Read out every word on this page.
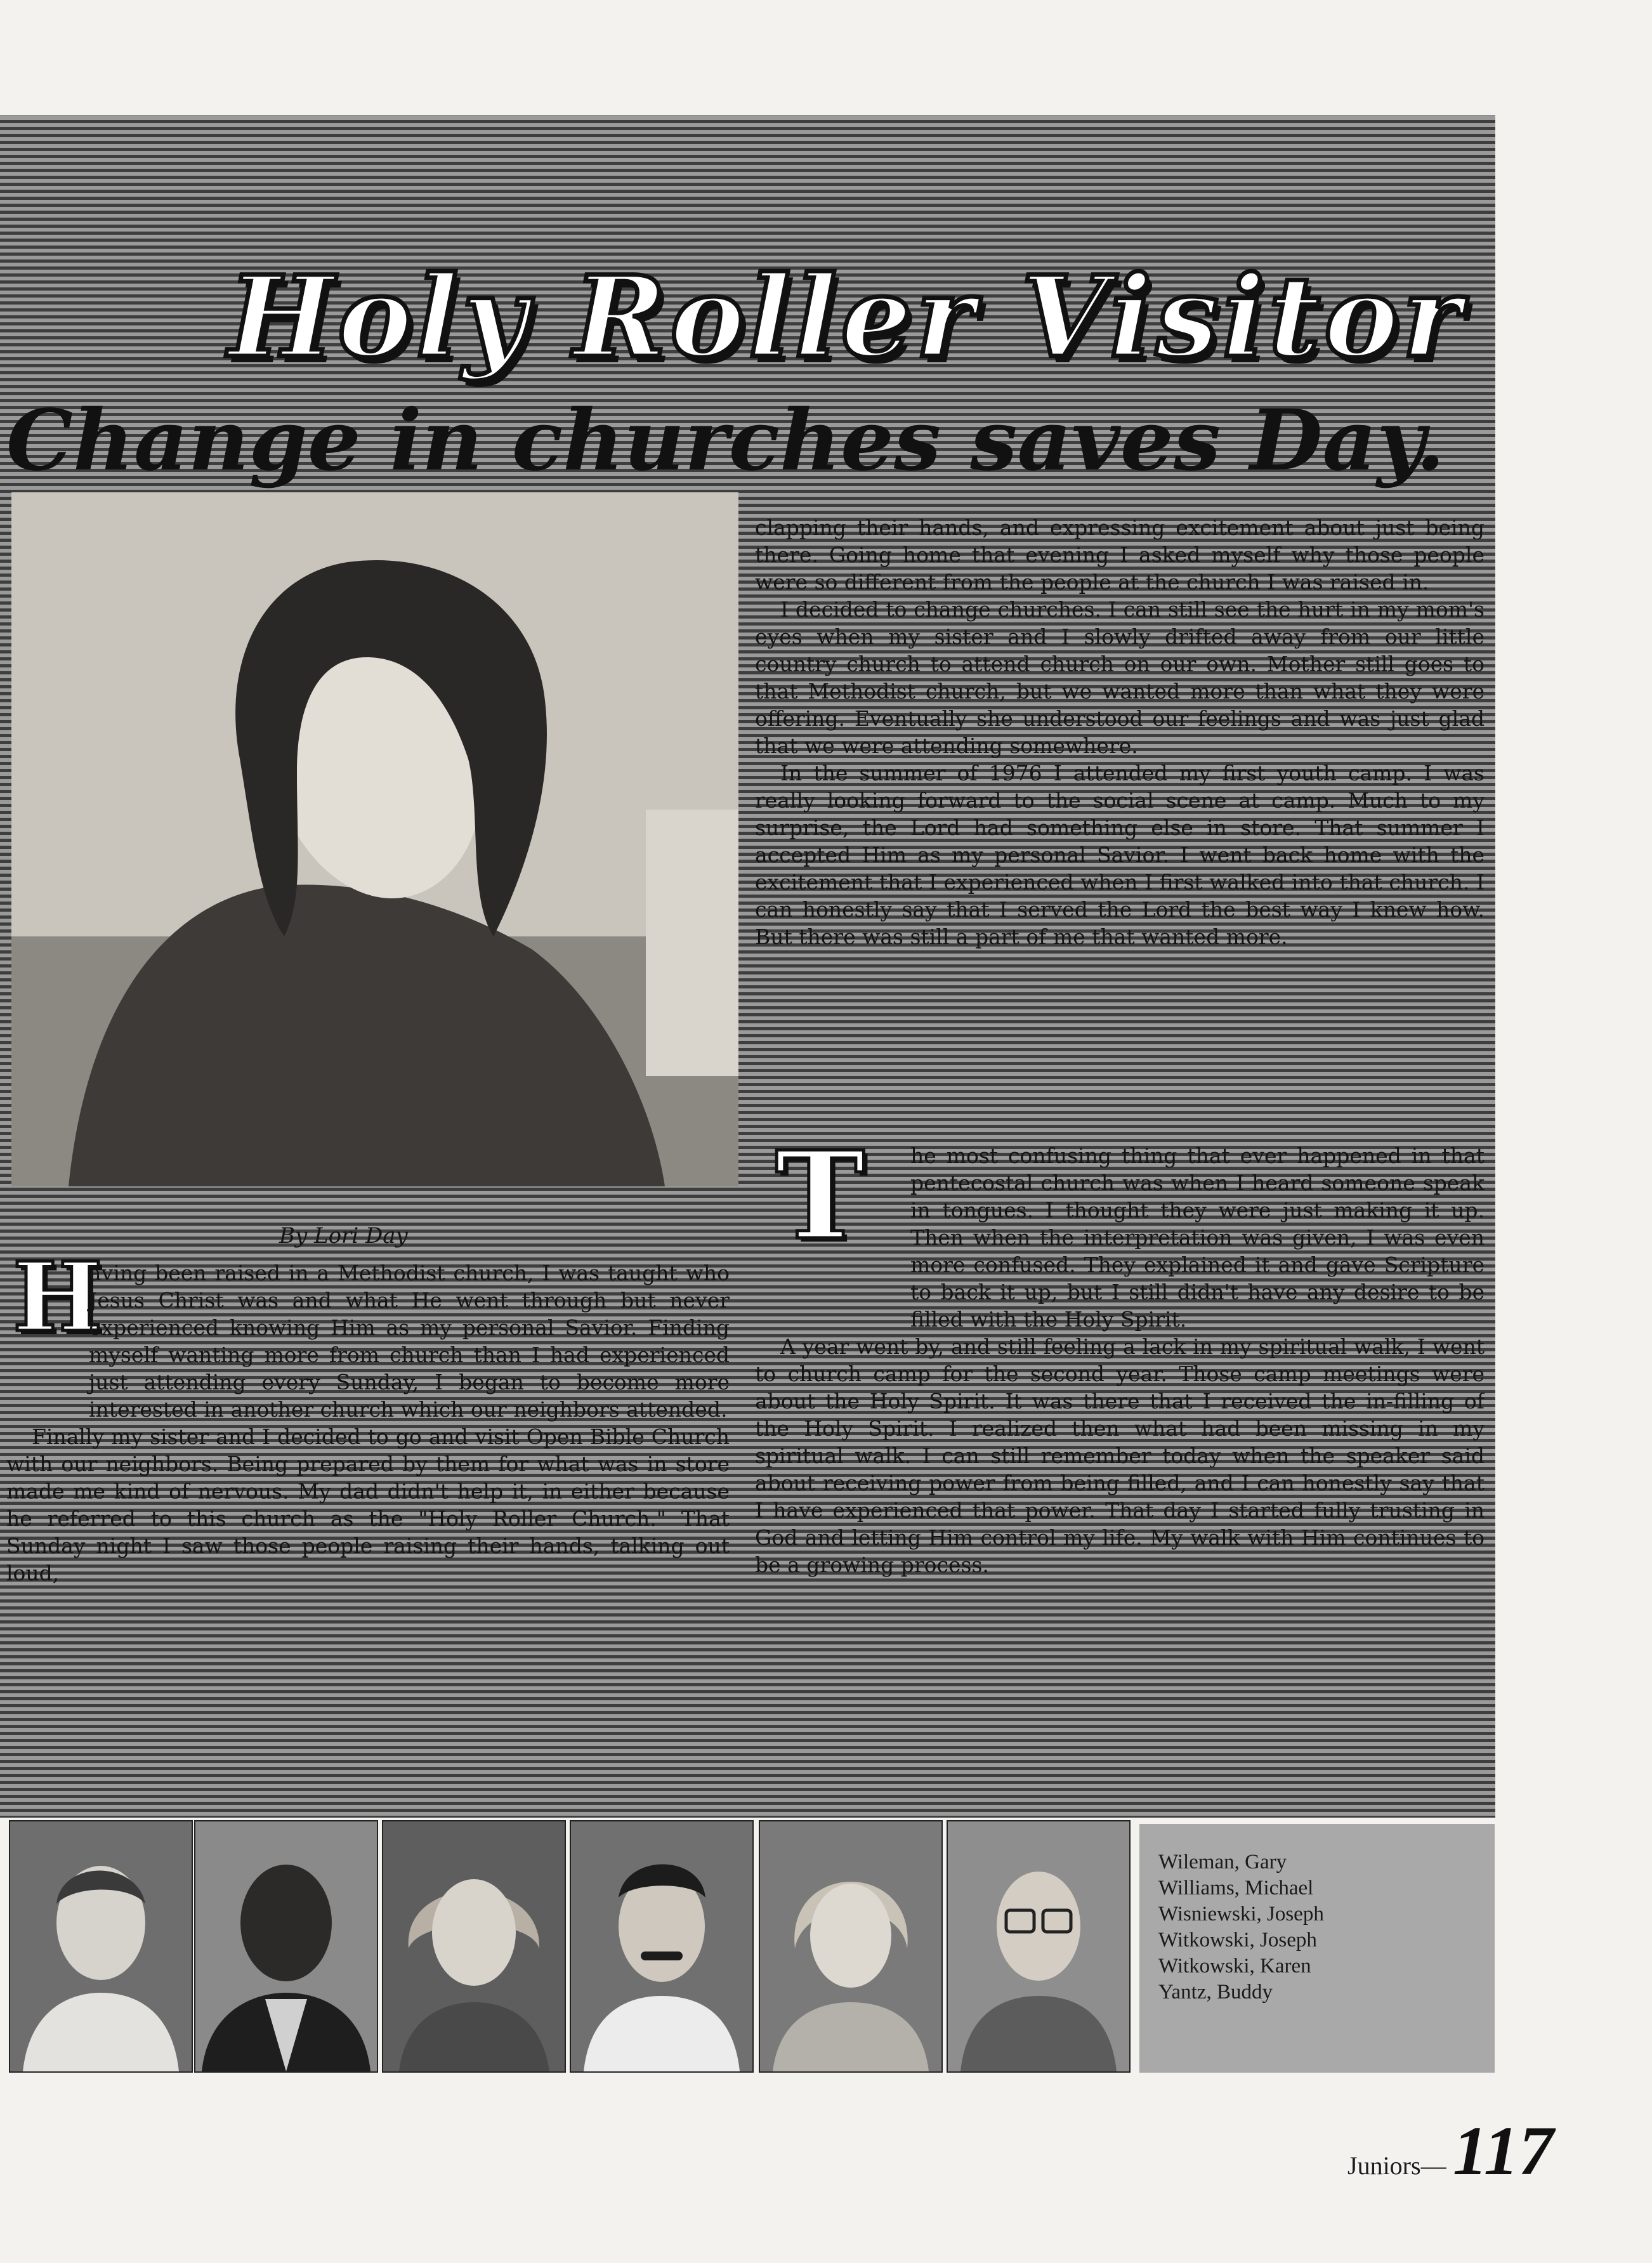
Holy Roller Visitor
Change in churches saves Day.

clapping their hands, and expressing excitement about just being there. Going home that evening I asked myself why those people were so different from the people at the church I was raised in.

I decided to change churches. I can still see the hurt in my mom's eyes when my sister and I slowly drifted away from our little country church to attend church on our own. Mother still goes to that Methodist church, but we wanted more than what they were offering. Eventually she understood our feelings and was just glad that we were attending somewhere.

In the summer of 1976 I attended my first youth camp. I was really looking forward to the social scene at camp. Much to my surprise, the Lord had something else in store. That summer I accepted Him as my personal Savior. I went back home with the excitement that I experienced when I first walked into that church. I can honestly say that I served the Lord the best way I knew how. But there was still a part of me that wanted more.

T he most confusing thing that ever happened in that pentecostal church was when I heard someone speak in tongues. I thought they were just making it up. Then when the interpretation was given, I was even more confused. They explained it and gave Scripture to back it up, but I still didn't have any desire to be filled with the Holy Spirit.

A year went by, and still feeling a lack in my spiritual walk, I went to church camp for the second year. Those camp meetings were about the Holy Spirit. It was there that I received the in-filling of the Holy Spirit. I realized then what had been missing in my spiritual walk. I can still remember today when the speaker said about receiving power from being filled, and I can honestly say that I have experienced that power. That day I started fully trusting in God and letting Him control my life. My walk with Him continues to be a growing process.

By Lori Day

H

aving been raised in a Methodist church, I was taught who Jesus Christ was and what He went through but never experienced knowing Him as my personal Savior. Finding myself wanting more from church than I had experienced just attending every Sunday, I began to become more interested in another church which our neighbors attended.

Finally my sister and I decided to go and visit Open Bible Church with our neighbors. Being prepared by them for what was in store made me kind of nervous. My dad didn't help it, in either because he referred to this church as the "Holy Roller Church." That Sunday night I saw those people raising their hands, talking out loud,

Wileman, Gary
Williams, Michael
Wisniewski, Joseph
Witkowski, Joseph
Witkowski, Karen
Yantz, Buddy
Juniors— 117
